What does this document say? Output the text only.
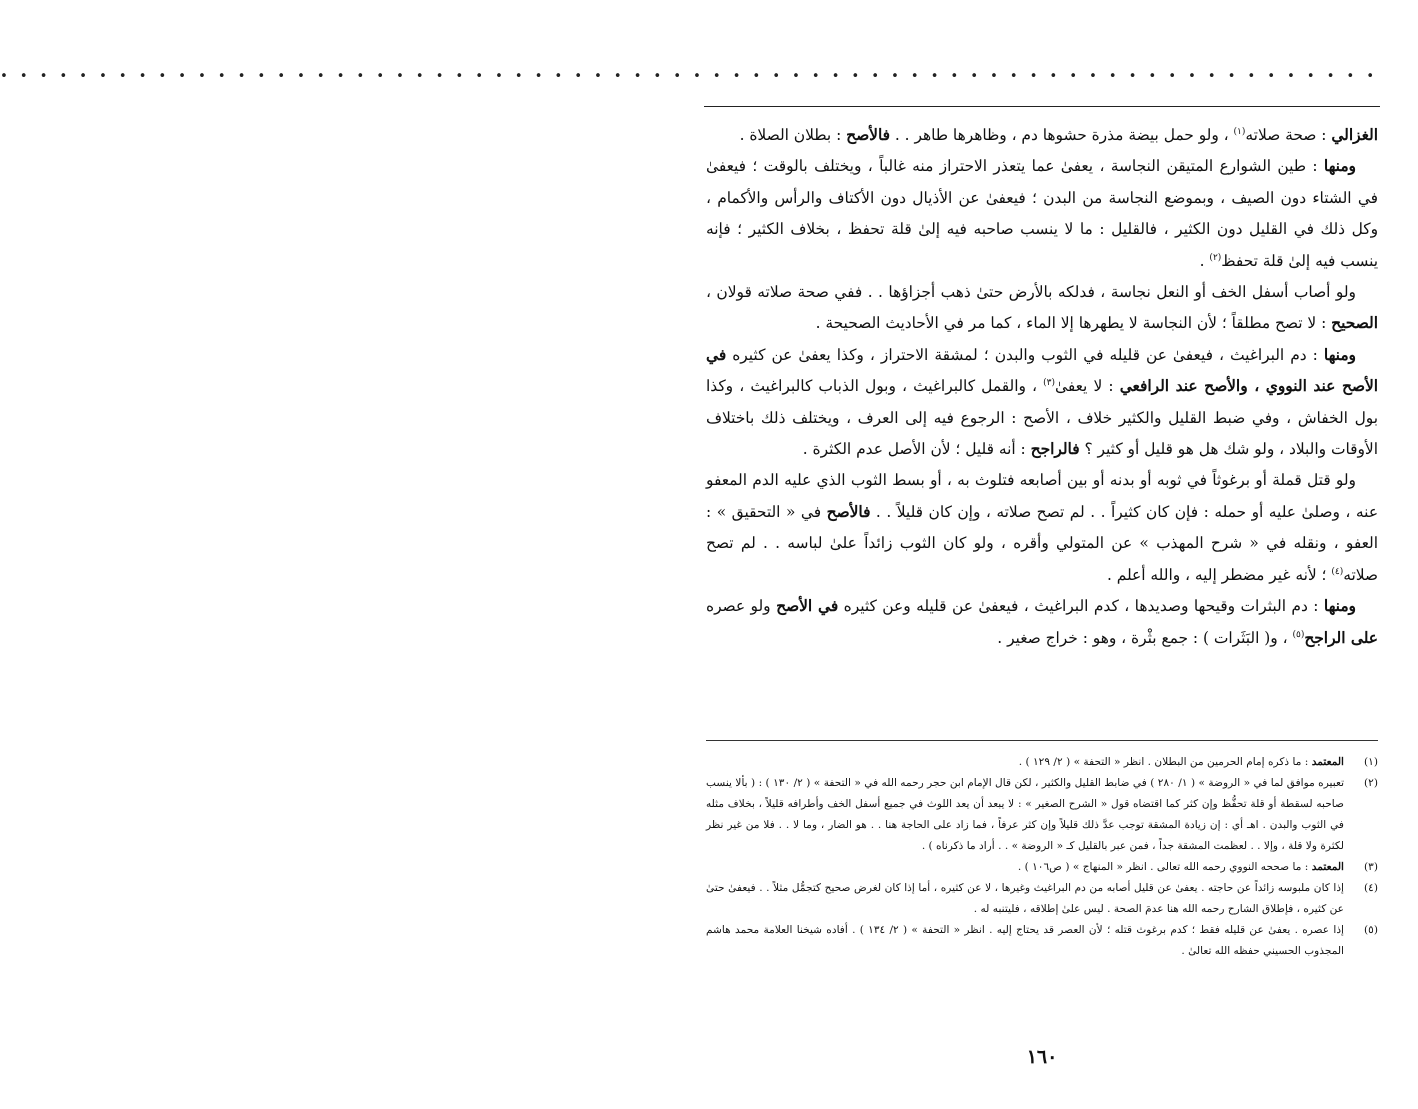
• • • • • • • • • • • • • • • • • • • • • • • • • • • • • • • • • • • • • • • • • • • • • • • • • • • • • • • • • • • • • • • • • • • • • •

الغزالي : صحة صلاته$^{(١)}$ ، ولو حمل بيضة مذرة حشوها دم ، وظاهرها طاهر . . فالأصح : بطلان الصلاة .

ومنها : طين الشوارع المتيقن النجاسة ، يعفىٰ عما يتعذر الاحتراز منه غالباً ، ويختلف بالوقت ؛ فيعفىٰ في الشتاء دون الصيف ، وبموضع النجاسة من البدن ؛ فيعفىٰ عن الأذيال دون الأكتاف والرأس والأكمام ، وكل ذلك في القليل دون الكثير ، فالقليل : ما لا ينسب صاحبه فيه إلىٰ قلة تحفظ ، بخلاف الكثير ؛ فإنه ينسب فيه إلىٰ قلة تحفظ$^{(٢)}$ .

ولو أصاب أسفل الخف أو النعل نجاسة ، فدلكه بالأرض حتىٰ ذهب أجزاؤها . . ففي صحة صلاته قولان ، الصحيح : لا تصح مطلقاً ؛ لأن النجاسة لا يطهرها إلا الماء ، كما مر في الأحاديث الصحيحة .

ومنها : دم البراغيث ، فيعفىٰ عن قليله في الثوب والبدن ؛ لمشقة الاحتراز ، وكذا يعفىٰ عن كثيره في الأصح عند النووي ، والأصح عند الرافعي : لا يعفىٰ$^{(٣)}$ ، والقمل كالبراغيث ، وبول الذباب كالبراغيث ، وكذا بول الخفاش ، وفي ضبط القليل والكثير خلاف ، الأصح : الرجوع فيه إلى العرف ، ويختلف ذلك باختلاف الأوقات والبلاد ، ولو شك هل هو قليل أو كثير ؟ فالراجح : أنه قليل ؛ لأن الأصل عدم الكثرة .

ولو قتل قملة أو برغوثاً في ثوبه أو بدنه أو بين أصابعه فتلوث به ، أو بسط الثوب الذي عليه الدم المعفو عنه ، وصلىٰ عليه أو حمله : فإن كان كثيراً . . لم تصح صلاته ، وإن كان قليلاً . . فالأصح في « التحقيق » : العفو ، ونقله في « شرح المهذب » عن المتولي وأقره ، ولو كان الثوب زائداً علىٰ لباسه . . لم تصح صلاته$^{(٤)}$ ؛ لأنه غير مضطر إليه ، والله أعلم .

ومنها : دم البثرات وقيحها وصديدها ، كدم البراغيث ، فيعفىٰ عن قليله وعن كثيره في الأصح ولو عصره على الراجح$^{(٥)}$ ، و( البَثَرات ) : جمع بثْرة ، وهو : خراج صغير .

(١)
المعتمد : ما ذكره إمام الحرمين من البطلان . انظر « التحفة » ( ٢/ ١٢٩ ) .
(٢)
تعبيره موافق لما في « الروضة » ( ١/ ٢٨٠ ) في ضابط القليل والكثير ، لكن قال الإمام ابن حجر رحمه الله في « التحفة » ( ٢/ ١٣٠ ) : ( بألا ينسب صاحبه لسقطة أو قلة تحفُّظ وإن كثر كما اقتضاه قول « الشرح الصغير » : لا يبعد أن يعد اللوث في جميع أسفل الخف وأطرافه قليلاً ، بخلاف مثله في الثوب والبدن . اهـ أي : إن زيادة المشقة توجب عدَّ ذلك قليلاً وإن كثر عرفاً ، فما زاد على الحاجة هنا . . هو الضار ، وما لا . . فلا من غير نظر لكثرة ولا قلة ، وإلا . . لعظمت المشقة جداً ، فمن عبر بالقليل كـ « الروضة » . . أراد ما ذكرناه ) .
(٣)
المعتمد : ما صححه النووي رحمه الله تعالى . انظر « المنهاج » ( ص١٠٦ ) .
(٤)
إذا كان ملبوسه زائداً عن حاجته . يعفىٰ عن قليل أصابه من دم البراغيث وغيرها ، لا عن كثيره ، أما إذا كان لغرض صحيح كتجمُّل مثلاً . . فيعفىٰ حتىٰ عن كثيره ، فإطلاق الشارح رحمه الله هنا عدمَ الصحة . ليس علىٰ إطلاقه ، فليتنبه له .
(٥)
إذا عصره . يعفىٰ عن قليله فقط ؛ كدم برغوث قتله ؛ لأن العصر قد يحتاج إليه . انظر « التحفة » ( ٢/ ١٣٤ ) . أفاده شيخنا العلامة محمد هاشم المجذوب الحسيني حفظه الله تعالىٰ .
١٦٠
